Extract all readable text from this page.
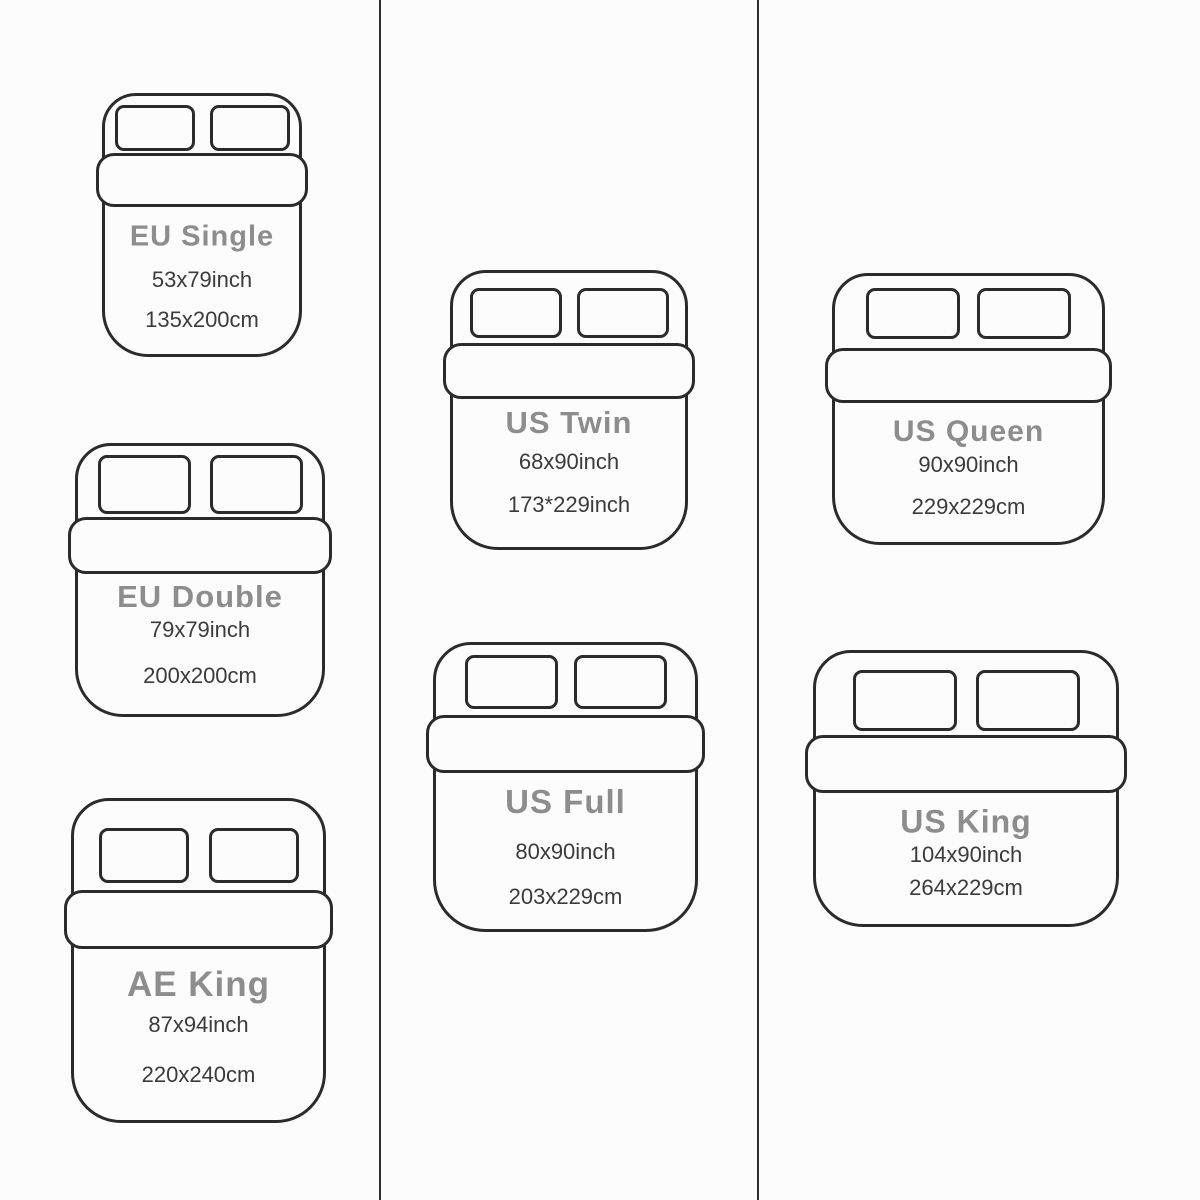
EU Single
53x79inch
135x200cm
EU Double
79x79inch
200x200cm
AE King
87x94inch
220x240cm
US Twin
68x90inch
173*229inch
US Full
80x90inch
203x229cm
US Queen
90x90inch
229x229cm
US King
104x90inch
264x229cm
